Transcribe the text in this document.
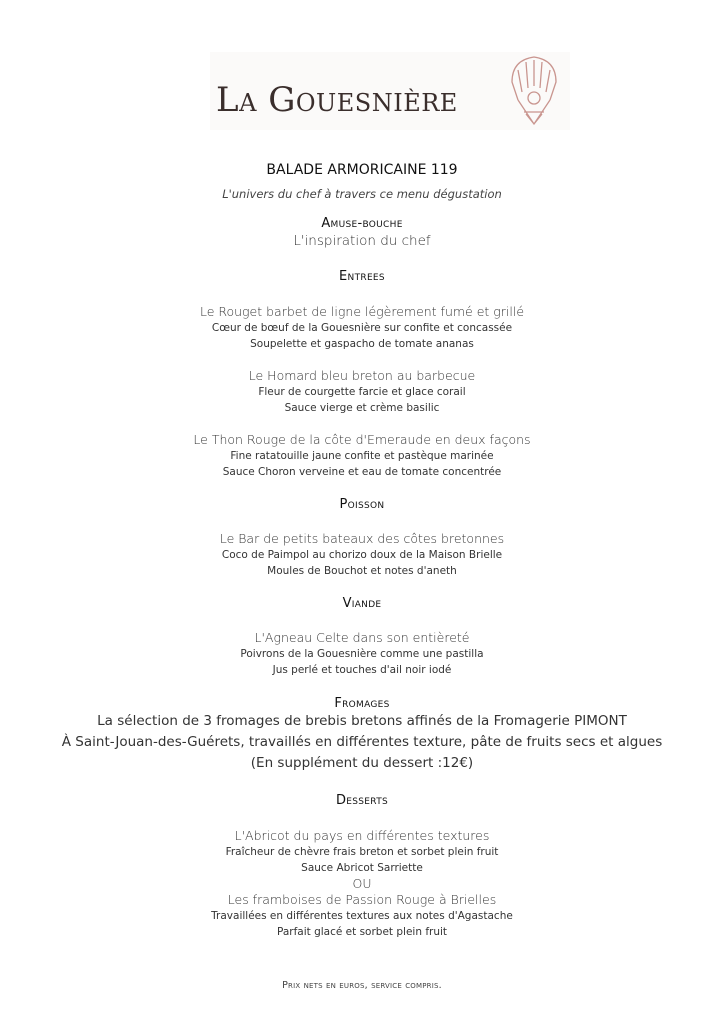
La Gouesnière
BALADE ARMORICAINE 119
L'univers du chef à travers ce menu dégustation
Amuse-bouche
L'inspiration du chef
Entrees
Le Rouget barbet de ligne légèrement fumé et grillé
Cœur de bœuf de la Gouesnière sur confite et concassée
Soupelette et gaspacho de tomate ananas
Le Homard bleu breton au barbecue
Fleur de courgette farcie et glace corail
Sauce vierge et crème basilic
Le Thon Rouge de la côte d'Emeraude en deux façons
Fine ratatouille jaune confite et pastèque marinée
Sauce Choron verveine et eau de tomate concentrée
Poisson
Le Bar de petits bateaux des côtes bretonnes
Coco de Paimpol au chorizo doux de la Maison Brielle
Moules de Bouchot et notes d'aneth
Viande
L'Agneau Celte dans son entièreté
Poivrons de la Gouesnière comme une pastilla
Jus perlé et touches d'ail noir iodé
Fromages
La sélection de 3 fromages de brebis bretons affinés de la Fromagerie PIMONT
À Saint-Jouan-des-Guérets, travaillés en différentes texture, pâte de fruits secs et algues
(En supplément du dessert :12€)
Desserts
L'Abricot du pays en différentes textures
Fraîcheur de chèvre frais breton et sorbet plein fruit
Sauce Abricot Sarriette
OU
Les framboises de Passion Rouge à Brielles
Travaillées en différentes textures aux notes d'Agastache
Parfait glacé et sorbet plein fruit
Prix nets en euros, service compris.
